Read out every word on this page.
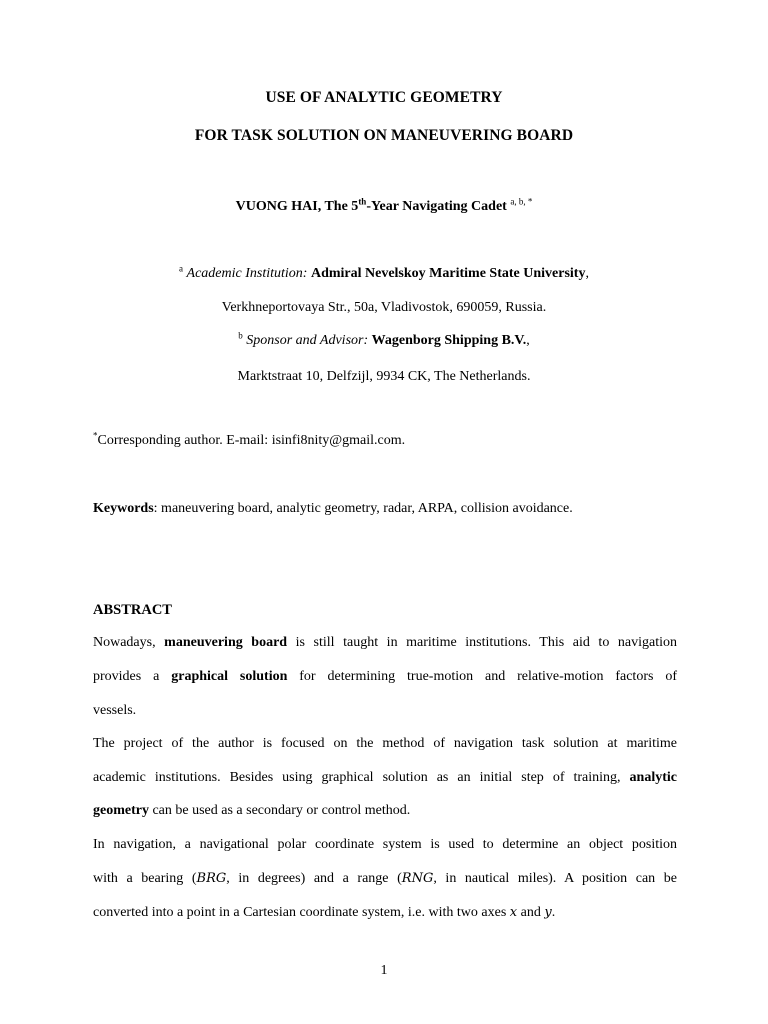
USE OF ANALYTIC GEOMETRY
FOR TASK SOLUTION ON MANEUVERING BOARD
VUONG HAI, The 5th-Year Navigating Cadet $^{a, b, *}$
$^a$ Academic Institution: Admiral Nevelskoy Maritime State University,
Verkhneportovaya Str., 50a, Vladivostok, 690059, Russia.
$^b$ Sponsor and Advisor: Wagenborg Shipping B.V.,
Marktstraat 10, Delfzijl, 9934 CK, The Netherlands.
*Corresponding author. E-mail: isinfi8nity@gmail.com.
Keywords: maneuvering board, analytic geometry, radar, ARPA, collision avoidance.
ABSTRACT
Nowadays, maneuvering board is still taught in maritime institutions. This aid to navigation
provides a graphical solution for determining true-motion and relative-motion factors of
vessels.
The project of the author is focused on the method of navigation task solution at maritime
academic institutions. Besides using graphical solution as an initial step of training, analytic
geometry can be used as a secondary or control method.
In navigation, a navigational polar coordinate system is used to determine an object position
with a bearing (BRG, in degrees) and a range (RNG, in nautical miles). A position can be
converted into a point in a Cartesian coordinate system, i.e. with two axes x and y.
1
